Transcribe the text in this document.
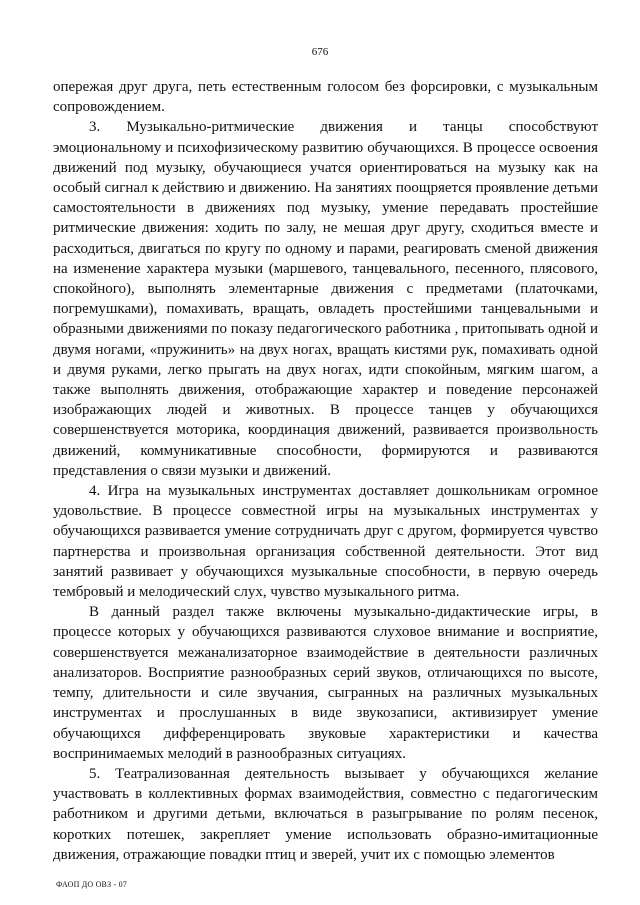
676

опережая друг друга, петь естественным голосом без форсировки, с музыкальным сопровождением.

3. Музыкально-ритмические движения и танцы способствуют эмоциональному и психофизическому развитию обучающихся. В процессе освоения движений под музыку, обучающиеся учатся ориентироваться на музыку как на особый сигнал к действию и движению. На занятиях поощряется проявление детьми самостоятельности в движениях под музыку, умение передавать простейшие ритмические движения: ходить по залу, не мешая друг другу, сходиться вместе и расходиться, двигаться по кругу по одному и парами, реагировать сменой движения на изменение характера музыки (маршевого, танцевального, песенного, плясового, спокойного), выполнять элементарные движения с предметами (платочками, погремушками), помахивать, вращать, овладеть простейшими танцевальными и образными движениями по показу педагогического работника , притопывать одной и двумя ногами, «пружинить» на двух ногах, вращать кистями рук, помахивать одной и двумя руками, легко прыгать на двух ногах, идти спокойным, мягким шагом, а также выполнять движения, отображающие характер и поведение персонажей изображающих людей и животных. В процессе танцев у обучающихся совершенствуется моторика, координация движений, развивается произвольность движений, коммуникативные способности, формируются и развиваются представления о связи музыки и движений.

4. Игра на музыкальных инструментах доставляет дошкольникам огромное удовольствие. В процессе совместной игры на музыкальных инструментах у обучающихся развивается умение сотрудничать друг с другом, формируется чувство партнерства и произвольная организация собственной деятельности. Этот вид занятий развивает у обучающихся музыкальные способности, в первую очередь тембровый и мелодический слух, чувство музыкального ритма.

В данный раздел также включены музыкально-дидактические игры, в процессе которых у обучающихся развиваются слуховое внимание и восприятие, совершенствуется межанализаторное взаимодействие в деятельности различных анализаторов. Восприятие разнообразных серий звуков, отличающихся по высоте, темпу, длительности и силе звучания, сыгранных на различных музыкальных инструментах и прослушанных в виде звукозаписи, активизирует умение обучающихся дифференцировать звуковые характеристики и качества воспринимаемых мелодий в разнообразных ситуациях.

5. Театрализованная деятельность вызывает у обучающихся желание участвовать в коллективных формах взаимодействия, совместно с педагогическим работником и другими детьми, включаться в разыгрывание по ролям песенок, коротких потешек, закрепляет умение использовать образно-имитационные движения, отражающие повадки птиц и зверей, учит их с помощью элементов

ФАОП ДО ОВЗ - 07
